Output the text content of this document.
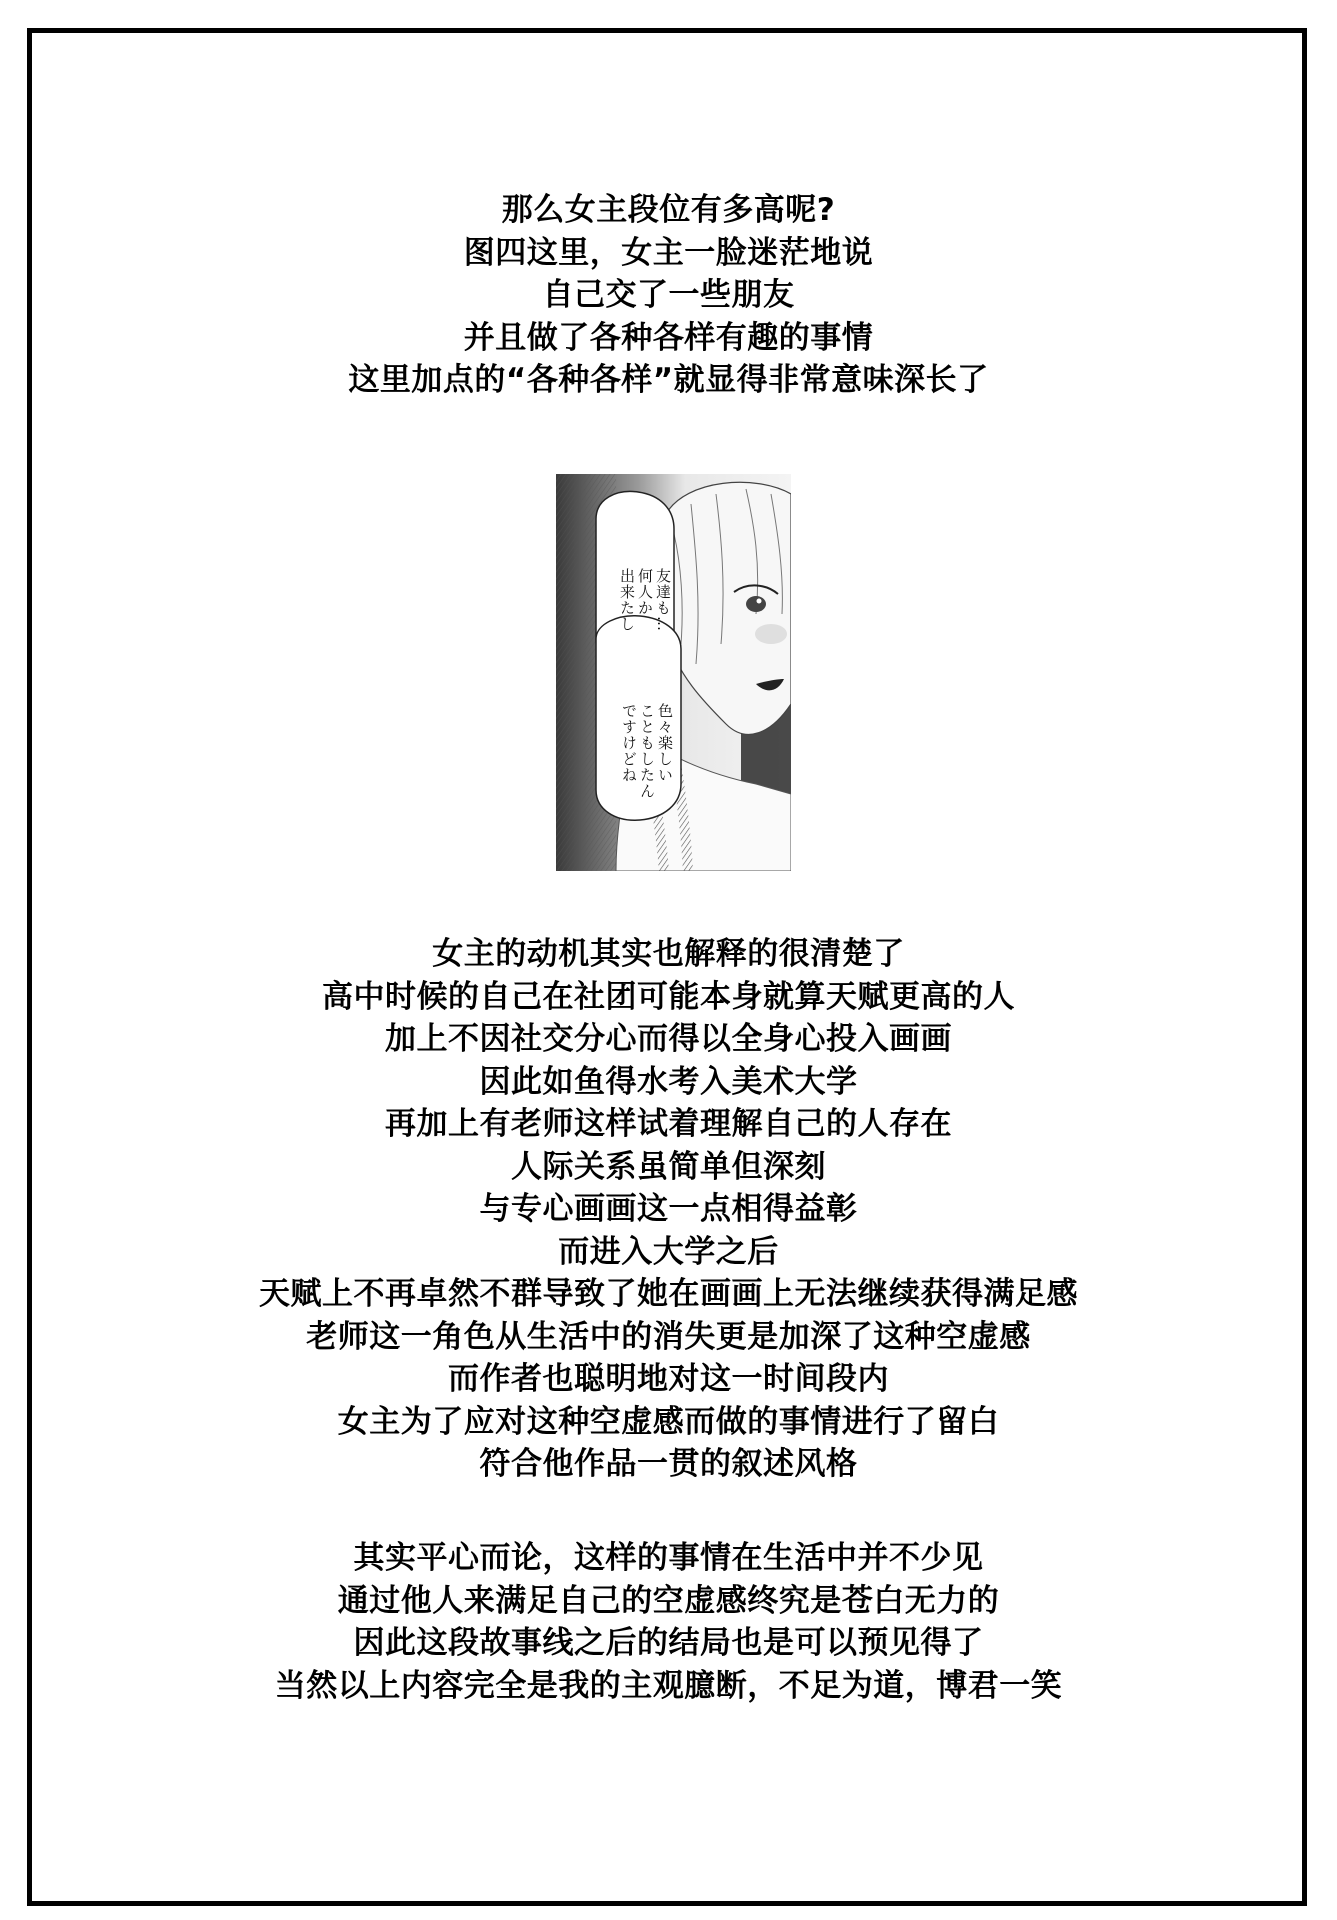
那么女主段位有多高呢?
图四这里，女主一脸迷茫地说
自己交了一些朋友
并且做了各种各样有趣的事情
这里加点的“各种各样”就显得非常意味深长了
友達も…
何人か
出来たし
色々楽しい
こともしたん
ですけどね
女主的动机其实也解释的很清楚了
高中时候的自己在社团可能本身就算天赋更高的人
加上不因社交分心而得以全身心投入画画
因此如鱼得水考入美术大学
再加上有老师这样试着理解自己的人存在
人际关系虽简单但深刻
与专心画画这一点相得益彰
而进入大学之后
天赋上不再卓然不群导致了她在画画上无法继续获得满足感
老师这一角色从生活中的消失更是加深了这种空虚感
而作者也聪明地对这一时间段内
女主为了应对这种空虚感而做的事情进行了留白
符合他作品一贯的叙述风格
其实平心而论，这样的事情在生活中并不少见
通过他人来满足自己的空虚感终究是苍白无力的
因此这段故事线之后的结局也是可以预见得了
当然以上内容完全是我的主观臆断，不足为道，博君一笑
